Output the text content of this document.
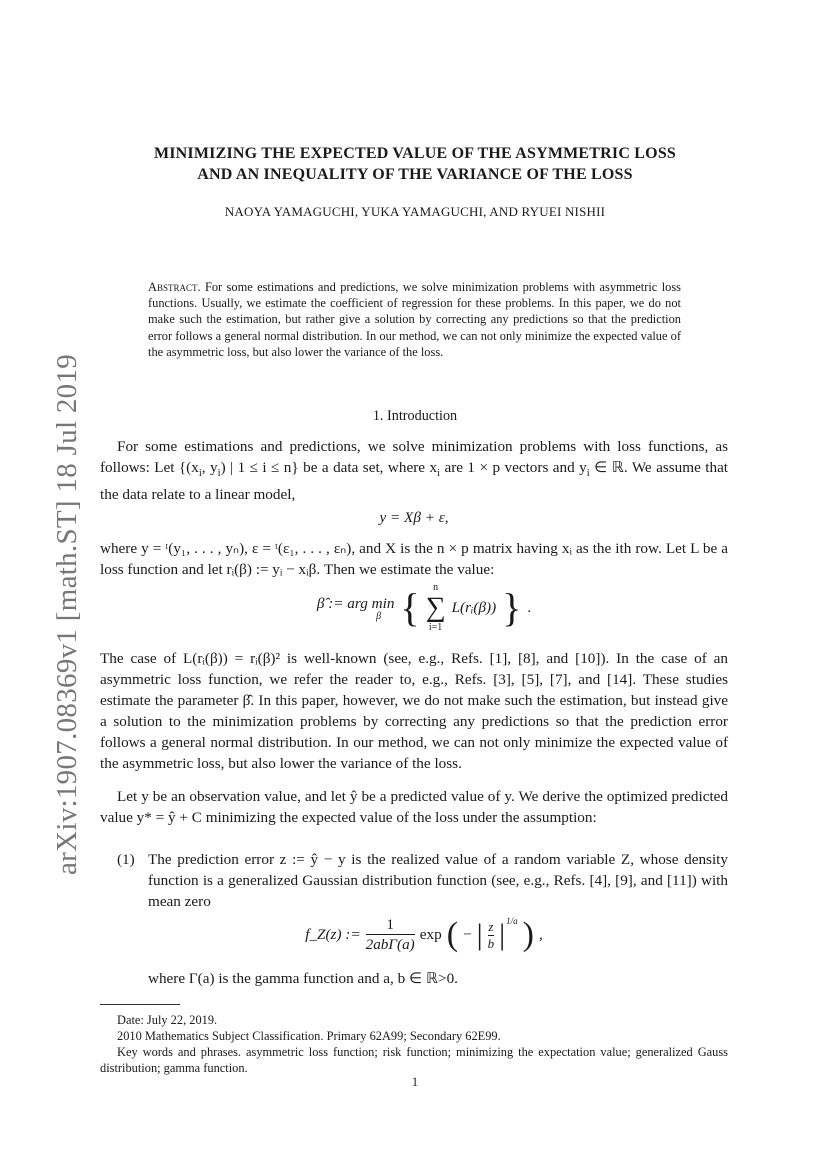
arXiv:1907.08369v1 [math.ST] 18 Jul 2019
MINIMIZING THE EXPECTED VALUE OF THE ASYMMETRIC LOSS
AND AN INEQUALITY OF THE VARIANCE OF THE LOSS
NAOYA YAMAGUCHI, YUKA YAMAGUCHI, AND RYUEI NISHII
Abstract. For some estimations and predictions, we solve minimization problems with asymmetric loss functions. Usually, we estimate the coefficient of regression for these problems. In this paper, we do not make such the estimation, but rather give a solution by correcting any predictions so that the prediction error follows a general normal distribution. In our method, we can not only minimize the expected value of the asymmetric loss, but also lower the variance of the loss.
1. Introduction
For some estimations and predictions, we solve minimization problems with loss functions, as follows: Let {($x_i$, $y_i$) | 1 ≤ i ≤ n} be a data set, where $x_i$ are 1 × p vectors and $y_i$ ∈ ℝ. We assume that the data relate to a linear model,
y = Xβ + ε,
where y = ᵗ(y₁, . . . , yₙ), ε = ᵗ(ε₁, . . . , εₙ), and X is the n × p matrix having xᵢ as the ith row. Let L be a loss function and let rᵢ(β) := yᵢ − xᵢβ. Then we estimate the value:
β̂ := arg min
β { n
∑
i=1
L(rᵢ(β)) } .
The case of L(rᵢ(β)) = rᵢ(β)² is well-known (see, e.g., Refs. [1], [8], and [10]). In the case of an asymmetric loss function, we refer the reader to, e.g., Refs. [3], [5], [7], and [14]. These studies estimate the parameter β̂. In this paper, however, we do not make such the estimation, but instead give a solution to the minimization problems by correcting any predictions so that the prediction error follows a general normal distribution. In our method, we can not only minimize the expected value of the asymmetric loss, but also lower the variance of the loss.
Let y be an observation value, and let ŷ be a predicted value of y. We derive the optimized predicted value y* = ŷ + C minimizing the expected value of the loss under the assumption:
(1) The prediction error z := ŷ − y is the realized value of a random variable Z, whose density function is a generalized Gaussian distribution function (see, e.g., Refs. [4], [9], and [11]) with mean zero
f_Z(z) :=
1
2abΓ(a)
exp ( − | $\frac{z}{b}$ | 1/a ) ,
where Γ(a) is the gamma function and a, b ∈ ℝ>0.
Date: July 22, 2019.
2010 Mathematics Subject Classification. Primary 62A99; Secondary 62E99.
Key words and phrases. asymmetric loss function; risk function; minimizing the expectation value; generalized Gauss distribution; gamma function.
1
